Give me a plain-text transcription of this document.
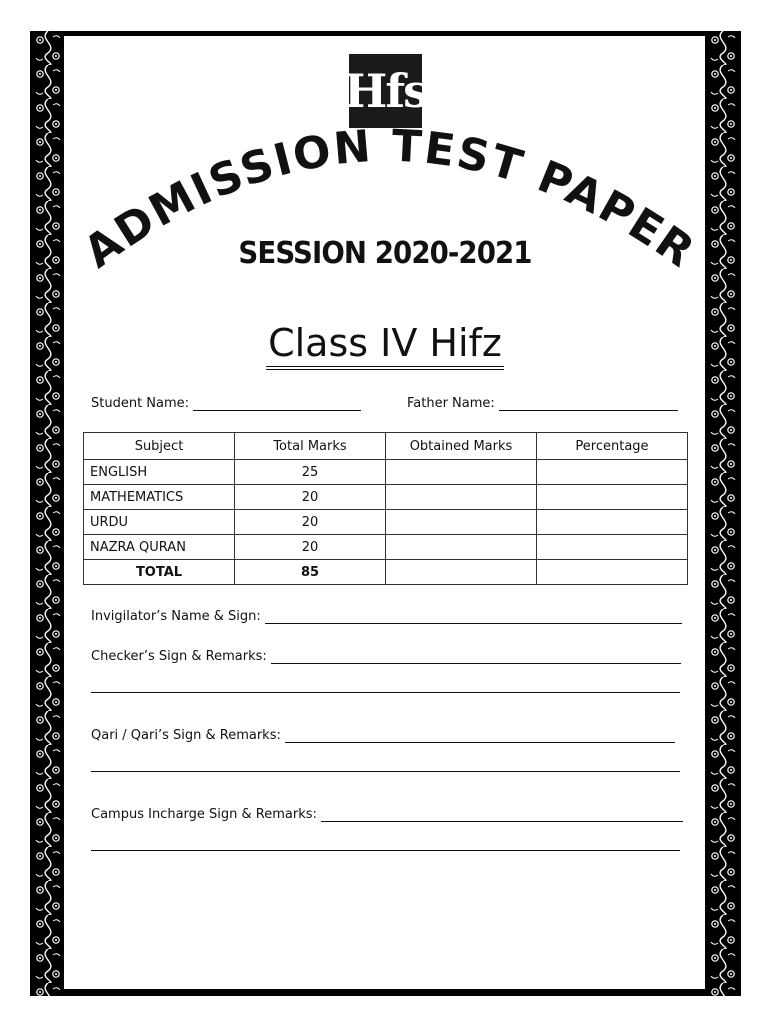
Hfs
ADMISSION TEST PAPER
SESSION 2020-2021
Class IV Hifz
Student Name:	Father Name:
Subject	Total Marks	Obtained Marks	Percentage
ENGLISH	25		
MATHEMATICS	20		
URDU	20		
NAZRA QURAN	20		
TOTAL	85		
Invigilator’s Name & Sign:
Checker’s Sign & Remarks:
Qari / Qari’s Sign & Remarks:
Campus Incharge Sign & Remarks:
